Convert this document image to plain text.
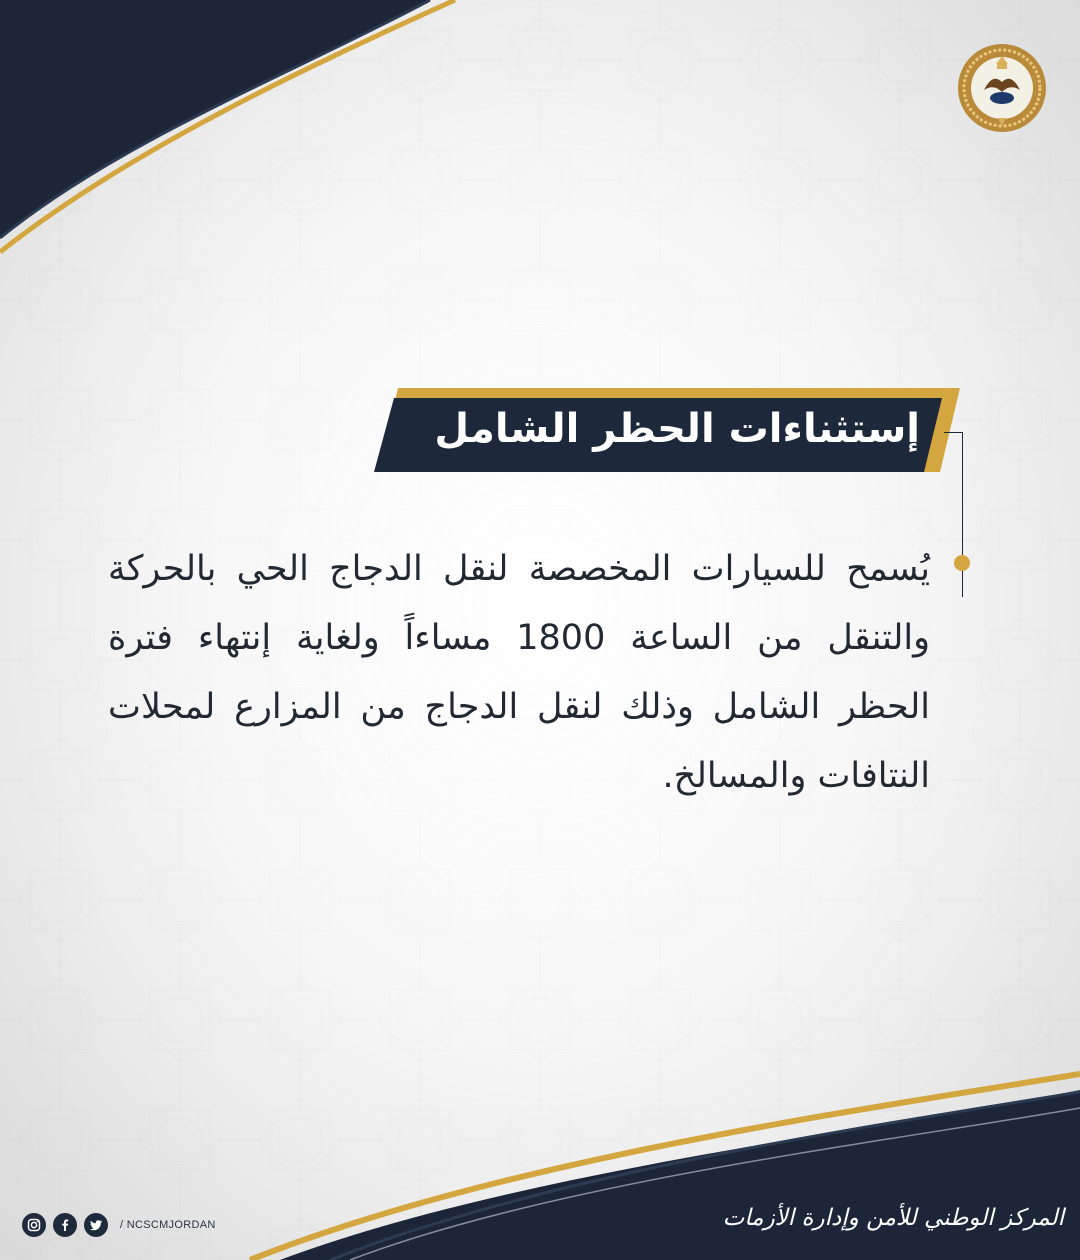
إستثناءات الحظر الشامل
يُسمح للسيارات المخصصة لنقل الدجاج الحي بالحركة والتنقل من الساعة 1800 مساءاً ولغاية إنتهاء فترة الحظر الشامل وذلك لنقل الدجاج من المزارع لمحلات النتافات والمسالخ.
/ NCSCMJORDAN	المركز الوطني للأمن وإدارة الأزمات
